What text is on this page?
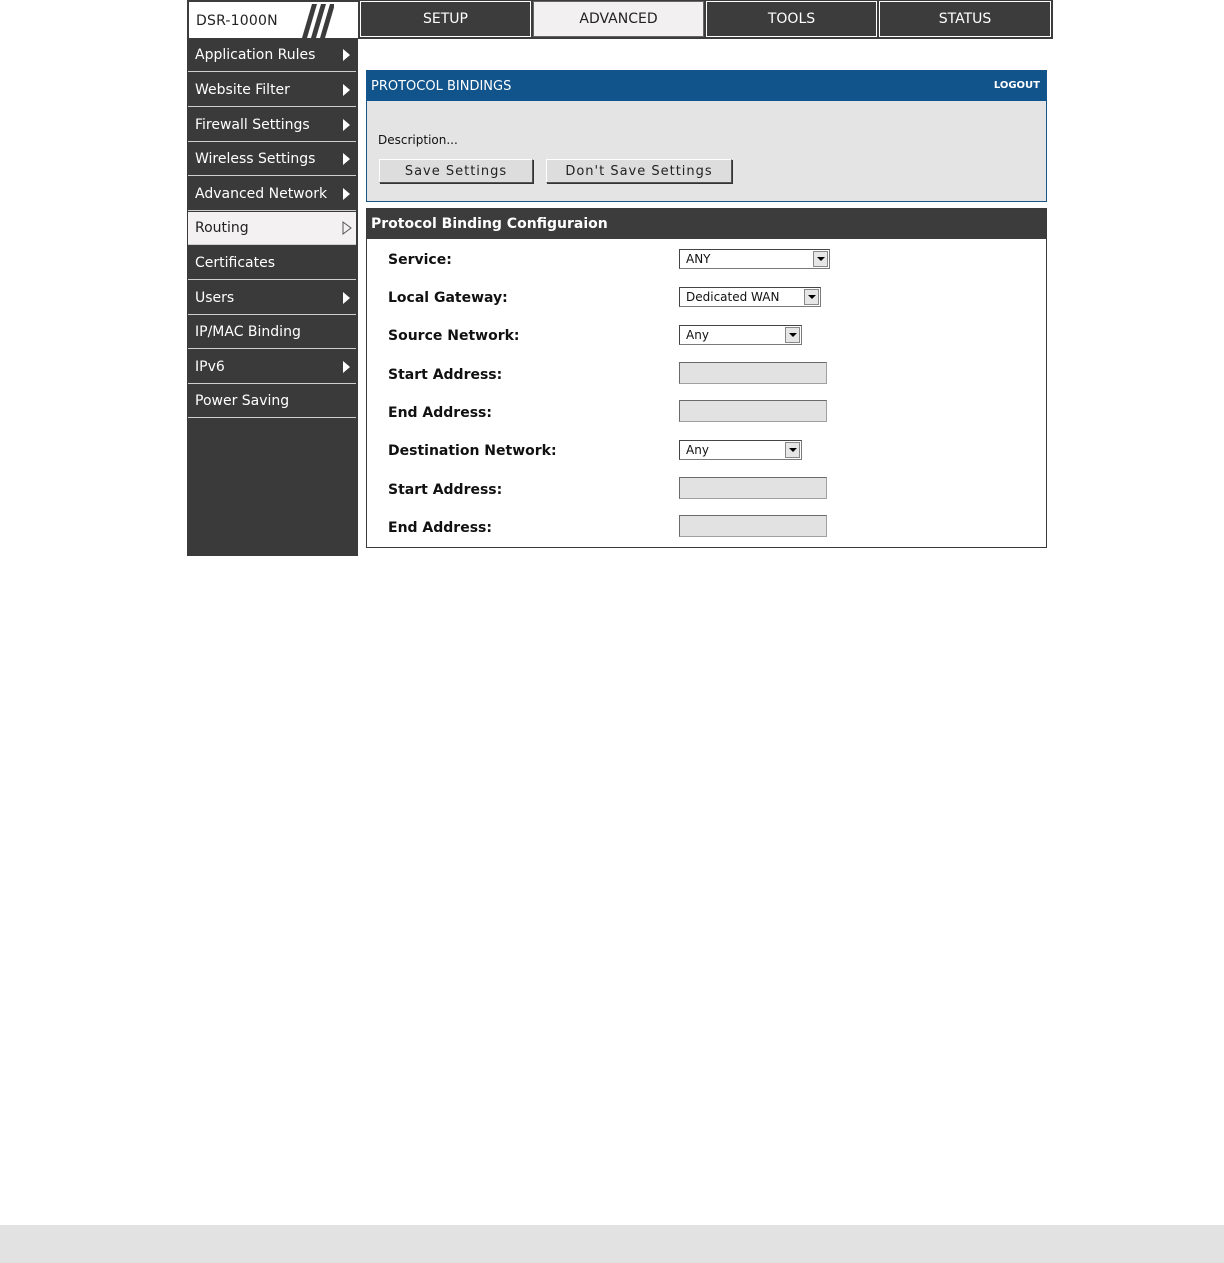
DSR-1000N	SETUP	ADVANCED	TOOLS	STATUS
Application Rules
Website Filter
Firewall Settings
Wireless Settings
Advanced Network
Routing
Certificates
Users
IP/MAC Binding
IPv6
Power Saving
PROTOCOL BINDINGS	LOGOUT
Description...
Save Settings	Don't Save Settings
Protocol Binding Configuraion
Service:	ANY
Local Gateway:	Dedicated WAN
Source Network:	Any
Start Address:
End Address:
Destination Network:	Any
Start Address:
End Address:
